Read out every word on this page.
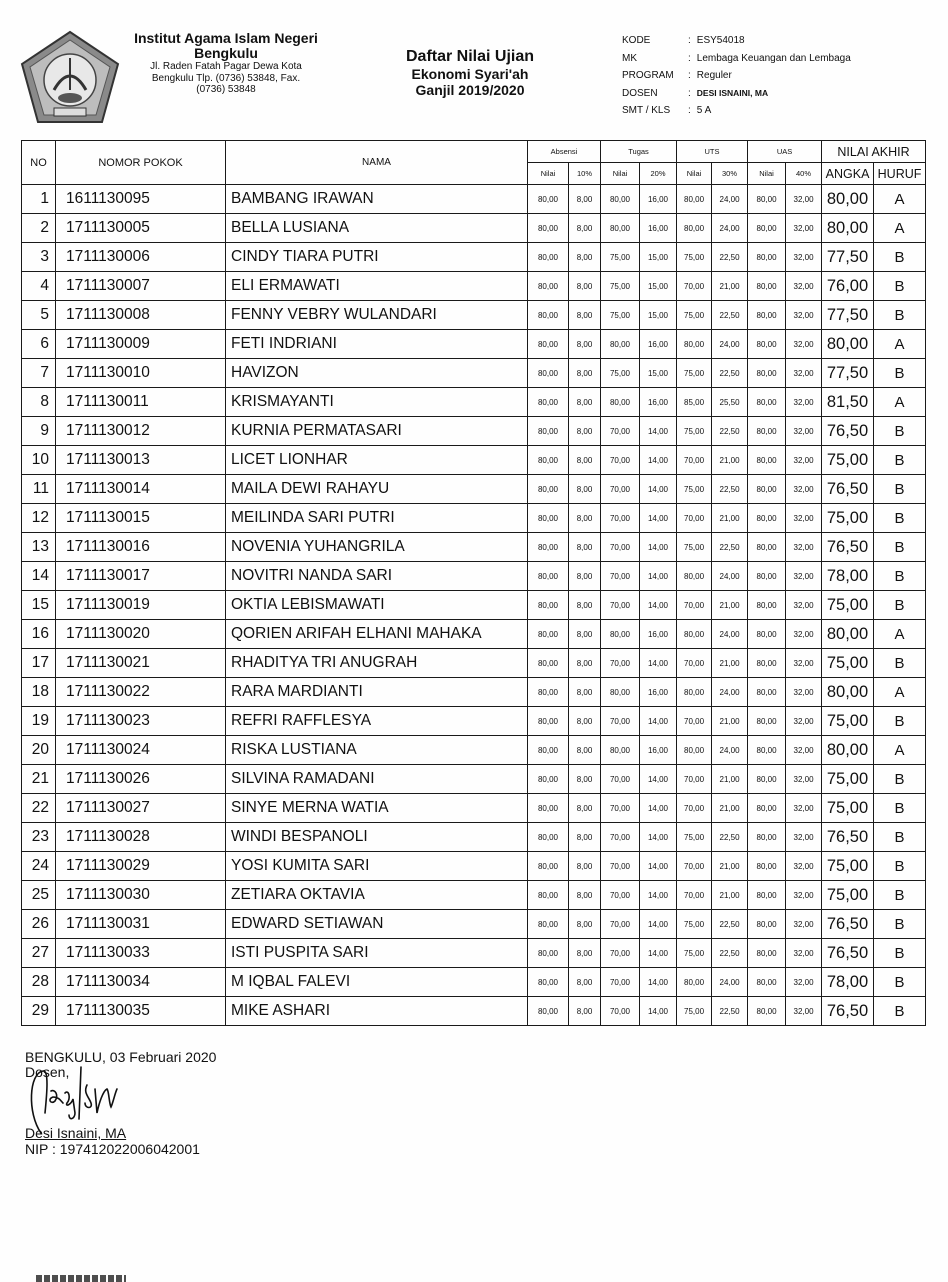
Institut Agama Islam Negeri
Bengkulu
Jl. Raden Fatah Pagar Dewa Kota
Bengkulu Tlp. (0736) 53848, Fax.
(0736) 53848
Daftar Nilai Ujian
Ekonomi Syari'ah
Ganjil 2019/2020
KODE	: ESY54018
MK	: Lembaga Keuangan dan Lembaga
PROGRAM	: Reguler
DOSEN	: DESI ISNAINI, MA
SMT / KLS	: 5 A
NO	NOMOR POKOK	NAMA	Absensi		Tugas		UTS		UAS		NILAI AKHIR	
			Nilai	10%	Nilai	20%	Nilai	30%	Nilai	40%	ANGKA	HURUF
1	1611130095	BAMBANG IRAWAN	80,00	8,00	80,00	16,00	80,00	24,00	80,00	32,00	80,00	A
2	1711130005	BELLA LUSIANA	80,00	8,00	80,00	16,00	80,00	24,00	80,00	32,00	80,00	A
3	1711130006	CINDY TIARA PUTRI	80,00	8,00	75,00	15,00	75,00	22,50	80,00	32,00	77,50	B
4	1711130007	ELI ERMAWATI	80,00	8,00	75,00	15,00	70,00	21,00	80,00	32,00	76,00	B
5	1711130008	FENNY VEBRY WULANDARI	80,00	8,00	75,00	15,00	75,00	22,50	80,00	32,00	77,50	B
6	1711130009	FETI INDRIANI	80,00	8,00	80,00	16,00	80,00	24,00	80,00	32,00	80,00	A
7	1711130010	HAVIZON	80,00	8,00	75,00	15,00	75,00	22,50	80,00	32,00	77,50	B
8	1711130011	KRISMAYANTI	80,00	8,00	80,00	16,00	85,00	25,50	80,00	32,00	81,50	A
9	1711130012	KURNIA PERMATASARI	80,00	8,00	70,00	14,00	75,00	22,50	80,00	32,00	76,50	B
10	1711130013	LICET LIONHAR	80,00	8,00	70,00	14,00	70,00	21,00	80,00	32,00	75,00	B
11	1711130014	MAILA DEWI RAHAYU	80,00	8,00	70,00	14,00	75,00	22,50	80,00	32,00	76,50	B
12	1711130015	MEILINDA SARI PUTRI	80,00	8,00	70,00	14,00	70,00	21,00	80,00	32,00	75,00	B
13	1711130016	NOVENIA YUHANGRILA	80,00	8,00	70,00	14,00	75,00	22,50	80,00	32,00	76,50	B
14	1711130017	NOVITRI NANDA SARI	80,00	8,00	70,00	14,00	80,00	24,00	80,00	32,00	78,00	B
15	1711130019	OKTIA LEBISMAWATI	80,00	8,00	70,00	14,00	70,00	21,00	80,00	32,00	75,00	B
16	1711130020	QORIEN ARIFAH ELHANI MAHAKA	80,00	8,00	80,00	16,00	80,00	24,00	80,00	32,00	80,00	A
17	1711130021	RHADITYA TRI ANUGRAH	80,00	8,00	70,00	14,00	70,00	21,00	80,00	32,00	75,00	B
18	1711130022	RARA MARDIANTI	80,00	8,00	80,00	16,00	80,00	24,00	80,00	32,00	80,00	A
19	1711130023	REFRI RAFFLESYA	80,00	8,00	70,00	14,00	70,00	21,00	80,00	32,00	75,00	B
20	1711130024	RISKA LUSTIANA	80,00	8,00	80,00	16,00	80,00	24,00	80,00	32,00	80,00	A
21	1711130026	SILVINA RAMADANI	80,00	8,00	70,00	14,00	70,00	21,00	80,00	32,00	75,00	B
22	1711130027	SINYE MERNA WATIA	80,00	8,00	70,00	14,00	70,00	21,00	80,00	32,00	75,00	B
23	1711130028	WINDI BESPANOLI	80,00	8,00	70,00	14,00	75,00	22,50	80,00	32,00	76,50	B
24	1711130029	YOSI KUMITA SARI	80,00	8,00	70,00	14,00	70,00	21,00	80,00	32,00	75,00	B
25	1711130030	ZETIARA OKTAVIA	80,00	8,00	70,00	14,00	70,00	21,00	80,00	32,00	75,00	B
26	1711130031	EDWARD SETIAWAN	80,00	8,00	70,00	14,00	75,00	22,50	80,00	32,00	76,50	B
27	1711130033	ISTI PUSPITA SARI	80,00	8,00	70,00	14,00	75,00	22,50	80,00	32,00	76,50	B
28	1711130034	M IQBAL FALEVI	80,00	8,00	70,00	14,00	80,00	24,00	80,00	32,00	78,00	B
29	1711130035	MIKE ASHARI	80,00	8,00	70,00	14,00	75,00	22,50	80,00	32,00	76,50	B
BENGKULU, 03 Februari 2020
Dosen,
Desi Isnaini, MA
NIP : 197412022006042001
